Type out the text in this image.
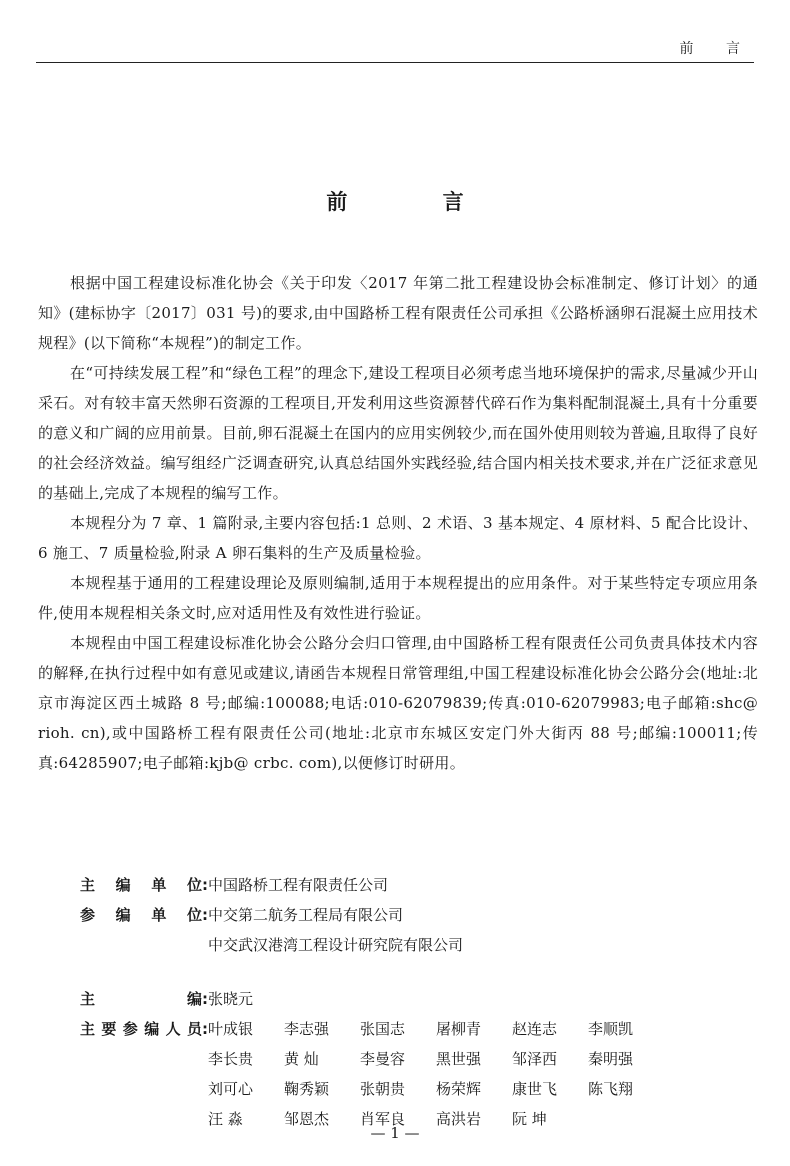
前 言
前 言

根据中国工程建设标准化协会《关于印发〈2017 年第二批工程建设协会标准制定、修订计划〉的通知》(建标协字〔2017〕031 号)的要求,由中国路桥工程有限责任公司承担《公路桥涵卵石混凝土应用技术规程》(以下简称“本规程”)的制定工作。

在“可持续发展工程”和“绿色工程”的理念下,建设工程项目必须考虑当地环境保护的需求,尽量减少开山采石。对有较丰富天然卵石资源的工程项目,开发利用这些资源替代碎石作为集料配制混凝土,具有十分重要的意义和广阔的应用前景。目前,卵石混凝土在国内的应用实例较少,而在国外使用则较为普遍,且取得了良好的社会经济效益。编写组经广泛调查研究,认真总结国外实践经验,结合国内相关技术要求,并在广泛征求意见的基础上,完成了本规程的编写工作。

本规程分为 7 章、1 篇附录,主要内容包括:1 总则、2 术语、3 基本规定、4 原材料、5 配合比设计、6 施工、7 质量检验,附录 A 卵石集料的生产及质量检验。

本规程基于通用的工程建设理论及原则编制,适用于本规程提出的应用条件。对于某些特定专项应用条件,使用本规程相关条文时,应对适用性及有效性进行验证。

本规程由中国工程建设标准化协会公路分会归口管理,由中国路桥工程有限责任公司负责具体技术内容的解释,在执行过程中如有意见或建议,请函告本规程日常管理组,中国工程建设标准化协会公路分会(地址:北京市海淀区西土城路 8 号;邮编:100088;电话:010-62079839;传真:010-62079983;电子邮箱:shc@ rioh. cn),或中国路桥工程有限责任公司(地址:北京市东城区安定门外大街丙 88 号;邮编:100011;传真:64285907;电子邮箱:kjb@ crbc. com),以便修订时研用。

主编单位 : 中国路桥工程有限责任公司
参编单位 : 中交第二航务工程局有限公司
中交武汉港湾工程设计研究院有限公司
主编 : 张晓元
主要参编人员 : 叶成银	李志强	张国志	屠柳青	赵连志	李顺凯
李长贵	黄 灿	李曼容	黑世强	邹泽西	秦明强
刘可心	鞠秀颖	张朝贵	杨荣辉	康世飞	陈飞翔
汪 淼	邹恩杰	肖军良	高洪岩	阮 坤
— 1 —
